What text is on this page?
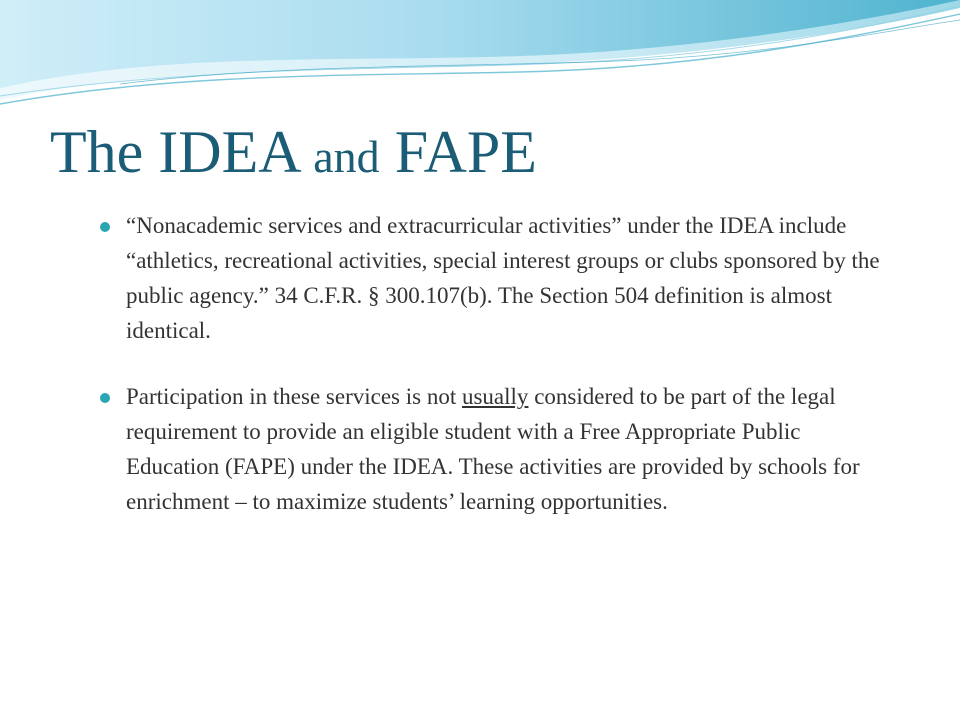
The IDEA and FAPE
“Nonacademic services and extracurricular activities” under the IDEA include “athletics, recreational activities, special interest groups or clubs sponsored by the public agency.” 34 C.F.R. § 300.107(b). The Section 504 definition is almost identical.
Participation in these services is not usually considered to be part of the legal requirement to provide an eligible student with a Free Appropriate Public Education (FAPE) under the IDEA. These activities are provided by schools for enrichment – to maximize students’ learning opportunities.
